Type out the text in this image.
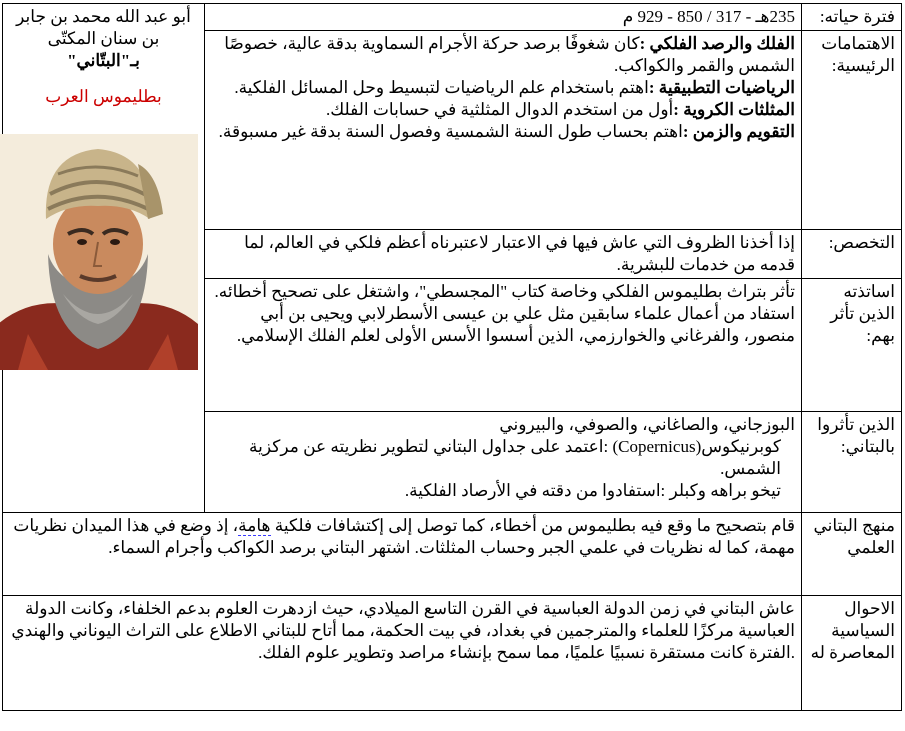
فترة حياته:	235هـ - 317 / 850 - 929 م	أبو عبد الله محمد بن جابر
بن سنان المكتّى
بـ"البتّاني"
بطليموس العرب

الاهتمامات الرئيسية:	الفلك والرصد الفلكي :كان شغوفًا برصد حركة الأجرام السماوية بدقة عالية، خصوصًا الشمس والقمر والكواكب.
الرياضيات التطبيقية :اهتم باستخدام علم الرياضيات لتبسيط وحل المسائل الفلكية.
المثلثات الكروية :أول من استخدم الدوال المثلثية في حسابات الفلك.
التقويم والزمن :اهتم بحساب طول السنة الشمسية وفصول السنة بدقة غير مسبوقة.	

التخصص:	إذا أخذنا الظروف التي عاش فيها في الاعتبار لاعتبرناه أعظم فلكي في العالم، لما قدمه من خدمات للبشرية.	
اساتذته الذين تأثر بهم:	تأثر بتراث بطليموس الفلكي وخاصة كتاب "المجسطي"، واشتغل على تصحيح أخطائه.
استفاد من أعمال علماء سابقين مثل علي بن عيسى الأسطرلابي ويحيى بن أبي منصور، والفرغاني والخوارزمي، الذين أسسوا الأسس الأولى لعلم الفلك الإسلامي.	

الذين تأثروا بالبتاني:	البوزجاني، والصاغاني، والصوفي، والبيروني
كوبرنيكوس(Copernicus) :اعتمد على جداول البتاني لتطوير نظريته عن مركزية الشمس.
تيخو براهه وكبلر :استفادوا من دقته في الأرصاد الفلكية.	

منهج البتاني العلمي	قام بتصحيح ما وقع فيه بطليموس من أخطاء، كما توصل إلى إكتشافات فلكية هامة، إذ وضع في هذا الميدان نظريات مهمة، كما له نظريات في علمي الجبر وحساب المثلثات. اشتهر البتاني برصد الكواكب وأجرام السماء.	
الاحوال السياسية المعاصرة له	عاش البتاني في زمن الدولة العباسية في القرن التاسع الميلادي، حيث ازدهرت العلوم بدعم الخلفاء، وكانت الدولة العباسية مركزًا للعلماء والمترجمين في بغداد، في بيت الحكمة، مما أتاح للبتاني الاطلاع على التراث اليوناني والهندي .الفترة كانت مستقرة نسبيًا علميًا، مما سمح بإنشاء مراصد وتطوير علوم الفلك.	
